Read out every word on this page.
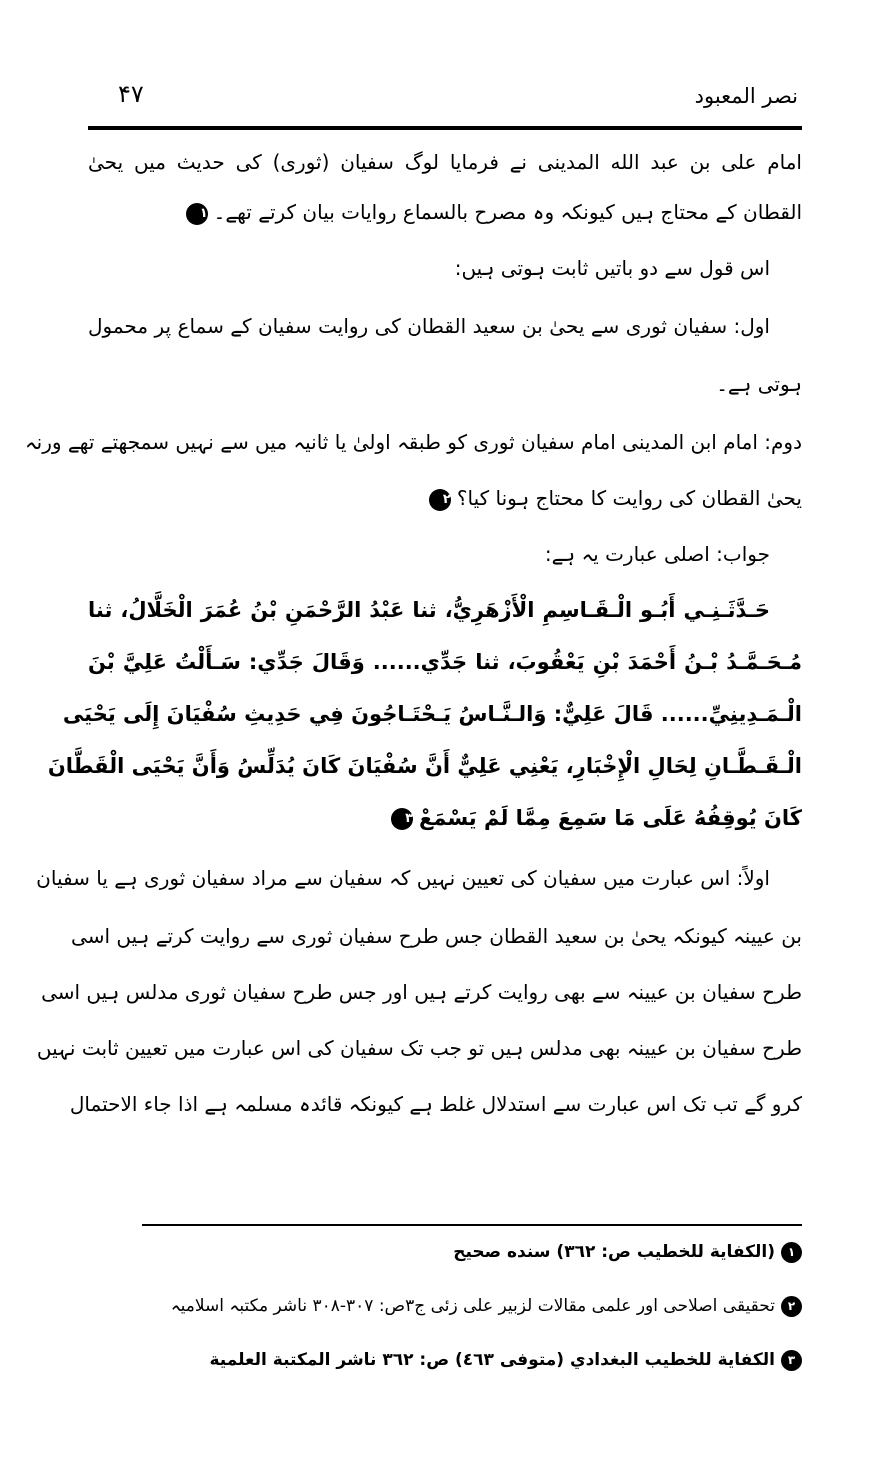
نصر المعبود
۴۷
امام علی بن عبد الله المدینی نے فرمایا لوگ سفیان (ثوری) کی حدیث میں یحیٰ
القطان کے محتاج ہیں کیونکہ وہ مصرح بالسماع روایات بیان کرتے تھے۔١
اس قول سے دو باتیں ثابت ہوتی ہیں:
اول: سفیان ثوری سے یحیٰ بن سعید القطان کی روایت سفیان کے سماع پر محمول
ہوتی ہے۔
دوم: امام ابن المدینی امام سفیان ثوری کو طبقہ اولیٰ یا ثانیہ میں سے نہیں سمجھتے تھے ورنہ
یحیٰ القطان کی روایت کا محتاج ہونا کیا؟٢
جواب: اصلی عبارت یہ ہے:
حَـدَّثَـنِـي أَبُـو الْـقَـاسِمِ الْأَزْهَرِيُّ، ثنا عَبْدُ الرَّحْمَنِ بْنُ عُمَرَ الْخَلَّالُ، ثنا
مُـحَـمَّـدُ بْـنُ أَحْمَدَ بْنِ يَعْقُوبَ، ثنا جَدِّي...... وَقَالَ جَدِّي: سَـأَلْتُ عَلِيَّ بْنَ
الْـمَـدِينِيِّ...... قَالَ عَلِيٌّ: وَالـنَّـاسُ يَـحْتَـاجُونَ فِي حَدِيثِ سُفْيَانَ إِلَى يَحْيَى
الْـقَـطَّـانِ لِحَالِ الْإِخْبَارِ، يَعْنِي عَلِيٌّ أَنَّ سُفْيَانَ كَانَ يُدَلِّسُ وَأَنَّ يَحْيَى الْقَطَّانَ
كَانَ يُوقِفُهُ عَلَى مَا سَمِعَ مِمَّا لَمْ يَسْمَعْ٣
اولاً: اس عبارت میں سفیان کی تعیین نہیں کہ سفیان سے مراد سفیان ثوری ہے یا سفیان
بن عیینہ کیونکہ یحیٰ بن سعید القطان جس طرح سفیان ثوری سے روایت کرتے ہیں اسی
طرح سفیان بن عیینہ سے بھی روایت کرتے ہیں اور جس طرح سفیان ثوری مدلس ہیں اسی
طرح سفیان بن عیینہ بھی مدلس ہیں تو جب تک سفیان کی اس عبارت میں تعیین ثابت نہیں
کرو گے تب تک اس عبارت سے استدلال غلط ہے کیونکہ قائدہ مسلمہ ہے اذا جاء الاحتمال
١(الكفاية للخطيب ص: ٣٦٢) سنده صحيح
٢تحقیقی اصلاحی اور علمی مقالات لزبیر علی زئی ج۳ص: ۳۰۷-۳۰۸ ناشر مکتبہ اسلامیہ
٣الكفاية للخطيب البغدادي (متوفى ٤٦٣) ص: ٣٦٢ ناشر المكتبة العلمية
